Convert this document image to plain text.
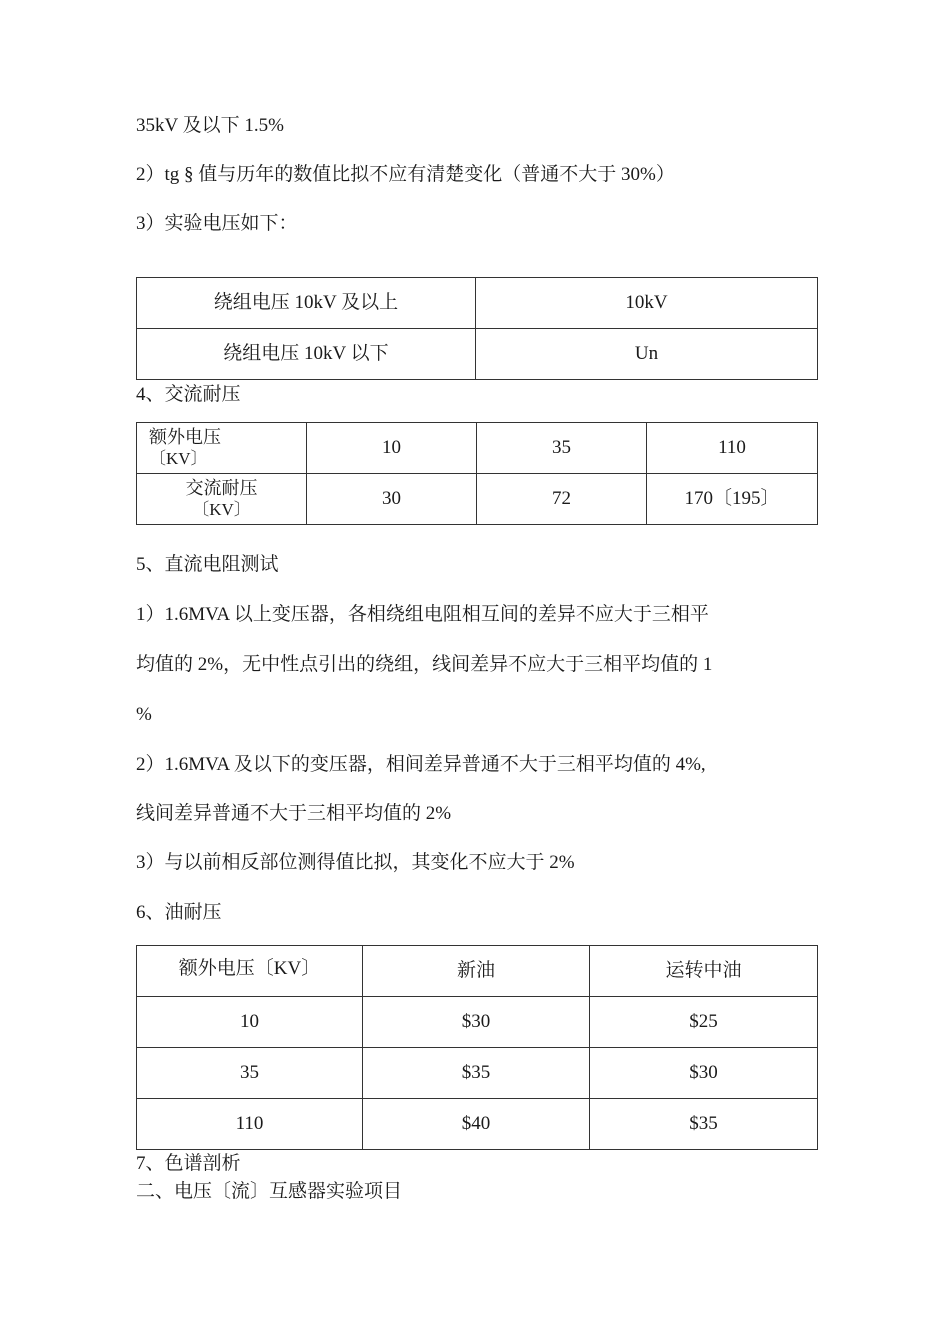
35kV 及以下 1.5%
2）tg § 值与历年的数值比拟不应有清楚变化（普通不大于 30%）
3）实验电压如下：
绕组电压 10kV 及以上	10kV
绕组电压 10kV 以下	Un
4、交流耐压
额外电压
〔KV〕	10	35	110

交流耐压
〔KV〕	30	72	170〔195〕
5、直流电阻测试
1）1.6MVA 以上变压器，各相绕组电阻相互间的差异不应大于三相平
均值的 2%，无中性点引出的绕组，线间差异不应大于三相平均值的 1
%
2）1.6MVA 及以下的变压器，相间差异普通不大于三相平均值的 4%,
线间差异普通不大于三相平均值的 2%
3）与以前相反部位测得值比拟，其变化不应大于 2%
6、油耐压
额外电压〔KV〕	新油	运转中油
10	$30	$25
35	$35	$30
110	$40	$35
7、色谱剖析
二、电压〔流〕互感器实验项目
